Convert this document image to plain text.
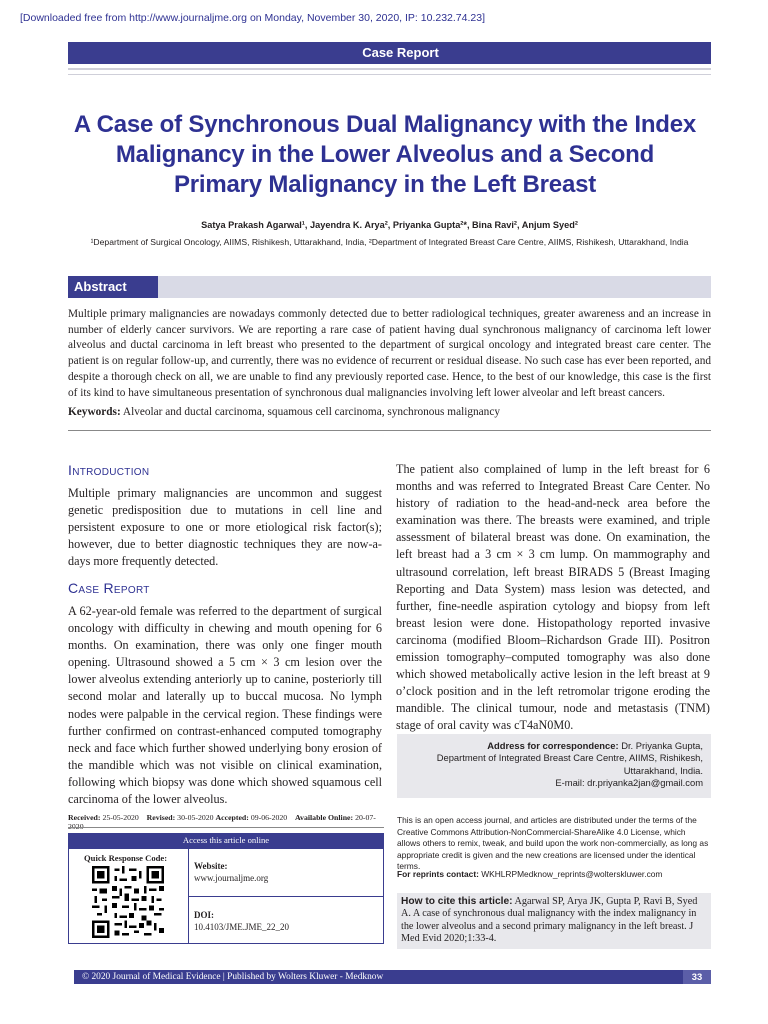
[Downloaded free from http://www.journaljme.org on Monday, November 30, 2020, IP: 10.232.74.23]
Case Report
A Case of Synchronous Dual Malignancy with the Index Malignancy in the Lower Alveolus and a Second Primary Malignancy in the Left Breast
Satya Prakash Agarwal¹, Jayendra K. Arya², Priyanka Gupta²*, Bina Ravi², Anjum Syed²
¹Department of Surgical Oncology, AIIMS, Rishikesh, Uttarakhand, India, ²Department of Integrated Breast Care Centre, AIIMS, Rishikesh, Uttarakhand, India
Abstract
Multiple primary malignancies are nowadays commonly detected due to better radiological techniques, greater awareness and an increase in number of elderly cancer survivors. We are reporting a rare case of patient having dual synchronous malignancy of carcinoma left lower alveolus and ductal carcinoma in left breast who presented to the department of surgical oncology and integrated breast care center. The patient is on regular follow-up, and currently, there was no evidence of recurrent or residual disease. No such case has ever been reported, and despite a thorough check on all, we are unable to find any previously reported case. Hence, to the best of our knowledge, this case is the first of its kind to have simultaneous presentation of synchronous dual malignancies involving left lower alveolar and left breast cancers.
Keywords: Alveolar and ductal carcinoma, squamous cell carcinoma, synchronous malignancy
Introduction
Multiple primary malignancies are uncommon and suggest genetic predisposition due to mutations in cell line and persistent exposure to one or more etiological risk factor(s); however, due to better diagnostic techniques they are now-a-days more frequently detected.
Case Report
A 62-year-old female was referred to the department of surgical oncology with difficulty in chewing and mouth opening for 6 months. On examination, there was only one finger mouth opening. Ultrasound showed a 5 cm × 3 cm lesion over the lower alveolus extending anteriorly up to canine, posteriorly till second molar and laterally up to buccal mucosa. No lymph nodes were palpable in the cervical region. These findings were further confirmed on contrast-enhanced computed tomography neck and face which further showed underlying bony erosion of the mandible which was not visible on clinical examination, following which biopsy was done which showed squamous cell carcinoma of the lower alveolus.
The patient also complained of lump in the left breast for 6 months and was referred to Integrated Breast Care Center. No history of radiation to the head-and-neck area before the examination was there. The breasts were examined, and triple assessment of bilateral breast was done. On examination, the left breast had a 3 cm × 3 cm lump. On mammography and ultrasound correlation, left breast BIRADS 5 (Breast Imaging Reporting and Data System) mass lesion was detected, and further, fine-needle aspiration cytology and biopsy from left breast lesion were done. Histopathology reported invasive carcinoma (modified Bloom–Richardson Grade III). Positron emission tomography–computed tomography was also done which showed metabolically active lesion in the left breast at 9 o’clock position and in the left retromolar trigone eroding the mandible. The clinical tumour, node and metastasis (TNM) stage of oral cavity was cT4aN0M0.
Address for correspondence: Dr. Priyanka Gupta,
Department of Integrated Breast Care Centre, AIIMS, Rishikesh,
Uttarakhand, India.
E-mail: dr.priyanka2jan@gmail.com
This is an open access journal, and articles are distributed under the terms of the Creative Commons Attribution-NonCommercial-ShareAlike 4.0 License, which allows others to remix, tweak, and build upon the work non-commercially, as long as appropriate credit is given and the new creations are licensed under the identical terms.
For reprints contact: WKHLRPMedknow_reprints@wolterskluwer.com
How to cite this article: Agarwal SP, Arya JK, Gupta P, Ravi B, Syed A. A case of synchronous dual malignancy with the index malignancy in the lower alveolus and a second primary malignancy in the left breast. J Med Evid 2020;1:33-4.
Received: 25-05-2020 Revised: 30-05-2020 Accepted: 09-06-2020 Available Online: 20-07-
Access this article online
Quick Response Code:
Website:
www.journaljme.org
DOI:
10.4103/JME.JME_22_20
© 2020 Journal of Medical Evidence | Published by Wolters Kluwer - Medknow	33
